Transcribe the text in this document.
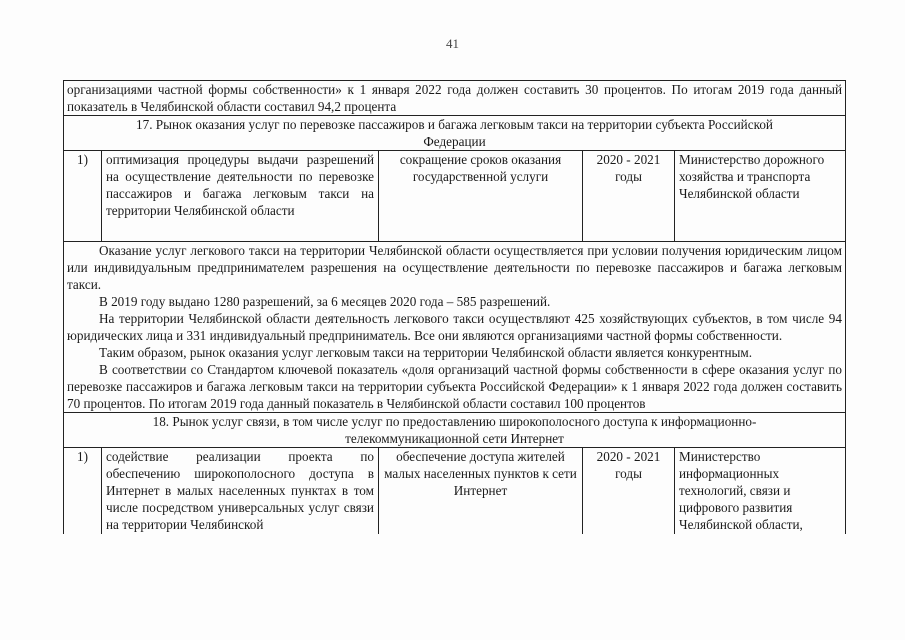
41

организациями частной формы собственности» к 1 января 2022 года должен составить 30 процентов. По итогам 2019 года данный показатель в Челябинской области составил 94,2 процента

17. Рынок оказания услуг по перевозке пассажиров и багажа легковым такси на территории субъекта Российской Федерации
1)	оптимизация процедуры выдачи разрешений на осуществление деятельности по перевозке пассажиров и багажа легковым такси на территории Челябинской области
сокращение сроков оказания государственной услуги
2020 - 2021 годы
Министерство дорожного хозяйства и транспорта Челябинской области

Оказание услуг легкового такси на территории Челябинской области осуществляется при условии получения юридическим лицом или индивидуальным предпринимателем разрешения на осуществление деятельности по перевозке пассажиров и багажа легковым такси.

В 2019 году выдано 1280 разрешений, за 6 месяцев 2020 года – 585 разрешений.

На территории Челябинской области деятельность легкового такси осуществляют 425 хозяйствующих субъектов, в том числе 94 юридических лица и 331 индивидуальный предприниматель. Все они являются организациями частной формы собственности.

Таким образом, рынок оказания услуг легковым такси на территории Челябинской области является конкурентным.

В соответствии со Стандартом ключевой показатель «доля организаций частной формы собственности в сфере оказания услуг по перевозке пассажиров и багажа легковым такси на территории субъекта Российской Федерации» к 1 января 2022 года должен составить 70 процентов. По итогам 2019 года данный показатель в Челябинской области составил 100 процентов

18. Рынок услуг связи, в том числе услуг по предоставлению широкополосного доступа к информационно-телекоммуникационной сети Интернет
1)	содействие реализации проекта по обеспечению широкополосного доступа в Интернет в малых населенных пунктах в том числе посредством универсальных услуг связи на территории Челябинской
обеспечение доступа жителей малых населенных пунктов к сети Интернет
2020 - 2021 годы
Министерство информационных технологий, связи и цифрового развития Челябинской области,
